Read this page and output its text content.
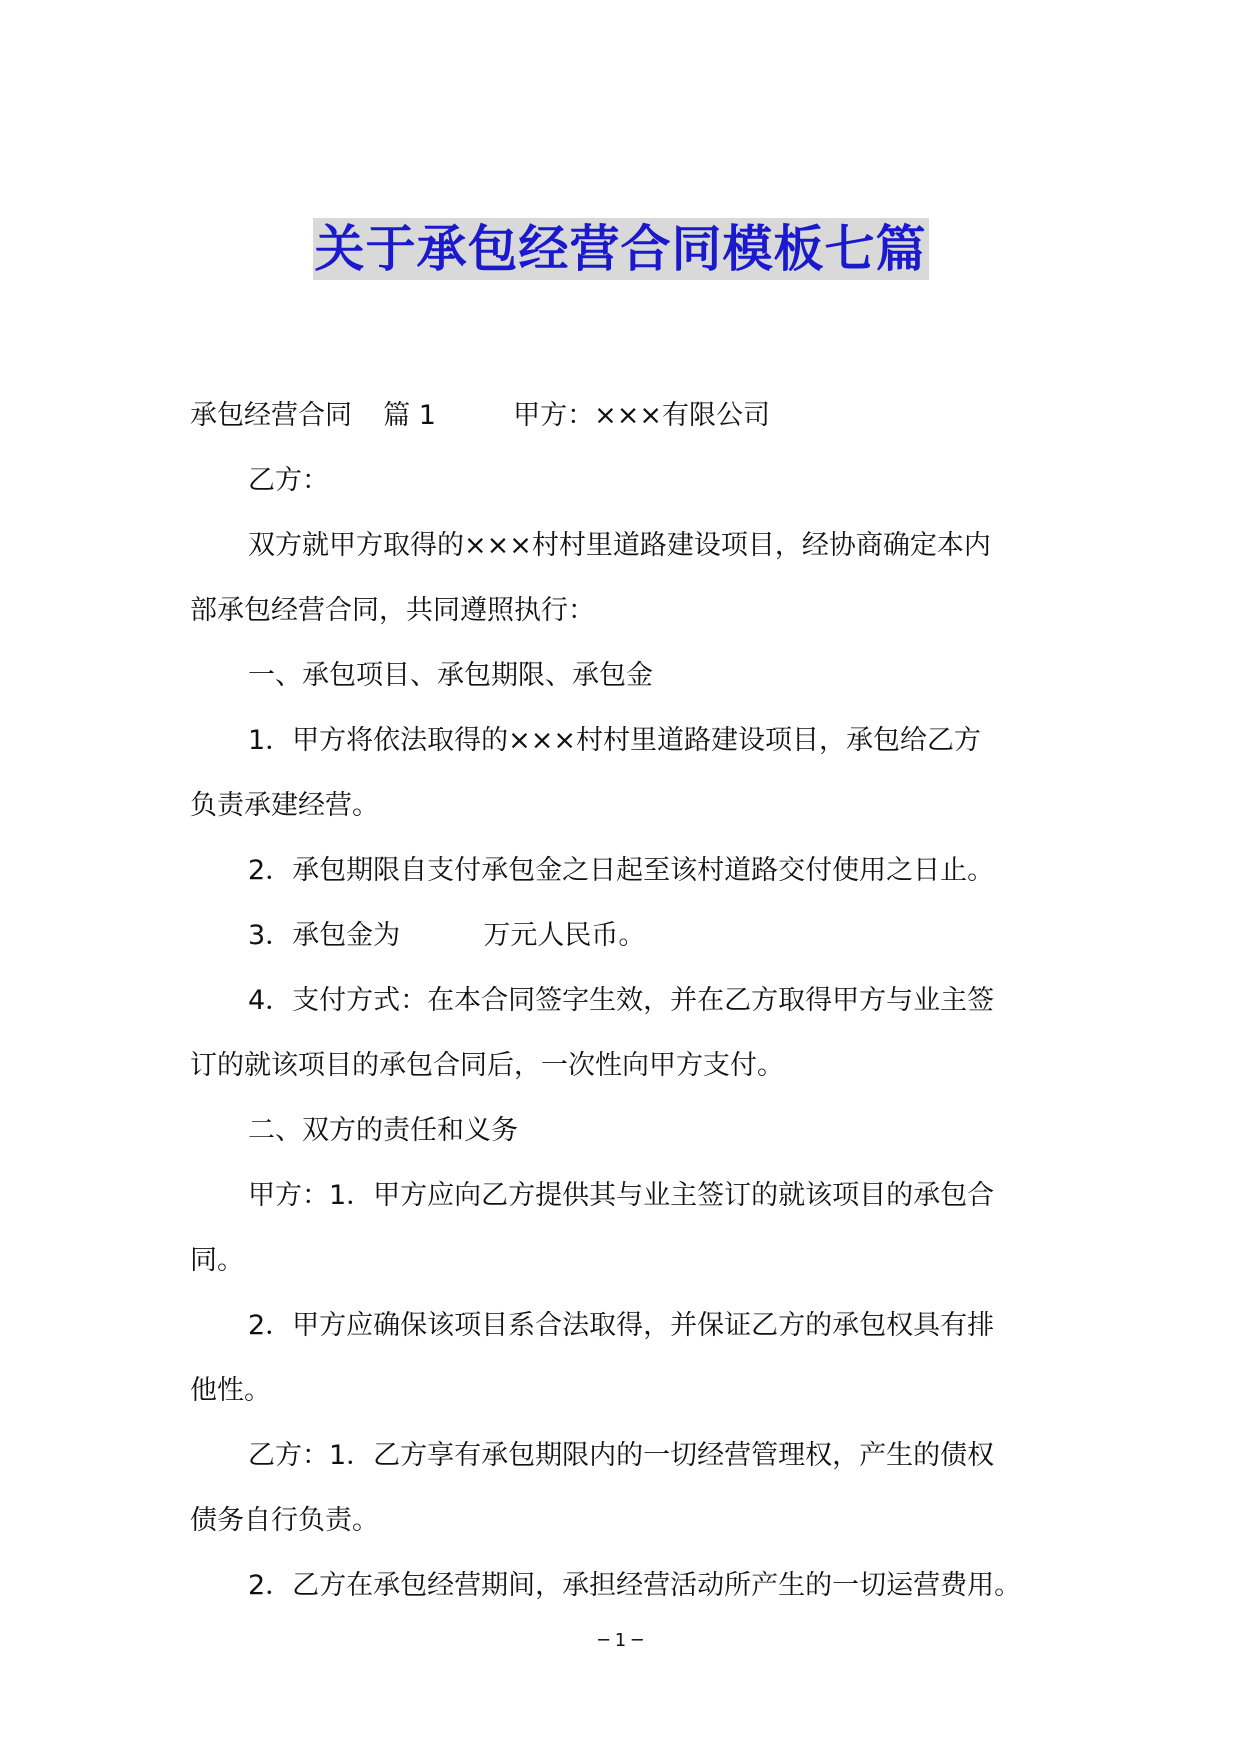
关于承包经营合同模板七篇
承包经营合同 篇 1	甲方：×××有限公司
乙方：
双方就甲方取得的×××村村里道路建设项目，经协商确定本内
部承包经营合同，共同遵照执行：
一、承包项目、承包期限、承包金
1．甲方将依法取得的×××村村里道路建设项目，承包给乙方
负责承建经营。
2．承包期限自支付承包金之日起至该村道路交付使用之日止。
3．承包金为	万元人民币。
4．支付方式：在本合同签字生效，并在乙方取得甲方与业主签
订的就该项目的承包合同后，一次性向甲方支付。
二、双方的责任和义务
甲方：1．甲方应向乙方提供其与业主签订的就该项目的承包合
同。
2．甲方应确保该项目系合法取得，并保证乙方的承包权具有排
他性。
乙方：1．乙方享有承包期限内的一切经营管理权，产生的债权
债务自行负责。
2．乙方在承包经营期间，承担经营活动所产生的一切运营费用。
─ 1 ─
